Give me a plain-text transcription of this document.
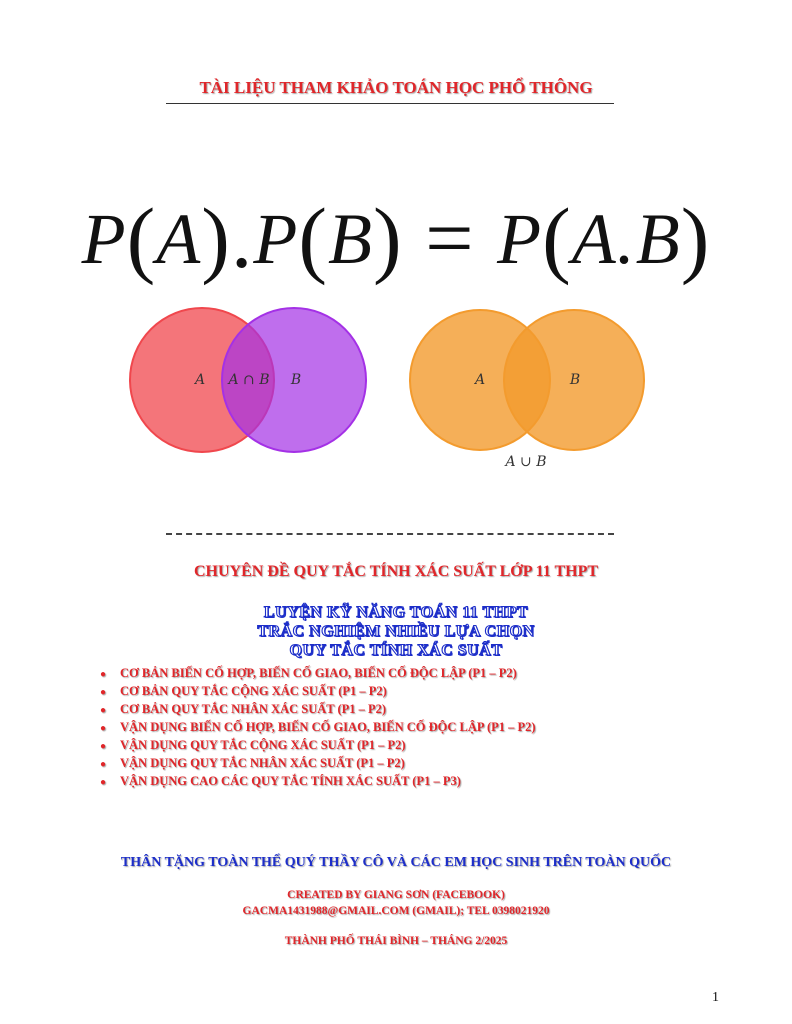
TÀI LIỆU THAM KHẢO TOÁN HỌC PHỔ THÔNG
P(A).P(B) = P(A.B)
A A ∩ B B	A	B
A ∪ B
CHUYÊN ĐỀ QUY TẮC TÍNH XÁC SUẤT LỚP 11 THPT
LUYỆN KỸ NĂNG TOÁN 11 THPT
TRẮC NGHIỆM NHIỀU LỰA CHỌN
QUY TẮC TÍNH XÁC SUẤT
● CƠ BẢN BIẾN CỐ HỢP, BIẾN CỐ GIAO, BIẾN CỐ ĐỘC LẬP (P1 – P2)
● CƠ BẢN QUY TẮC CỘNG XÁC SUẤT (P1 – P2)
● CƠ BẢN QUY TẮC NHÂN XÁC SUẤT (P1 – P2)
● VẬN DỤNG BIẾN CỐ HỢP, BIẾN CỐ GIAO, BIẾN CỐ ĐỘC LẬP (P1 – P2)
● VẬN DỤNG QUY TẮC CỘNG XÁC SUẤT (P1 – P2)
● VẬN DỤNG QUY TẮC NHÂN XÁC SUẤT (P1 – P2)
● VẬN DỤNG CAO CÁC QUY TẮC TÍNH XÁC SUẤT (P1 – P3)
THÂN TẶNG TOÀN THỂ QUÝ THẦY CÔ VÀ CÁC EM HỌC SINH TRÊN TOÀN QUỐC
CREATED BY GIANG SƠN (FACEBOOK)
GACMA1431988@GMAIL.COM (GMAIL); TEL 0398021920
THÀNH PHỐ THÁI BÌNH – THÁNG 2/2025
1
